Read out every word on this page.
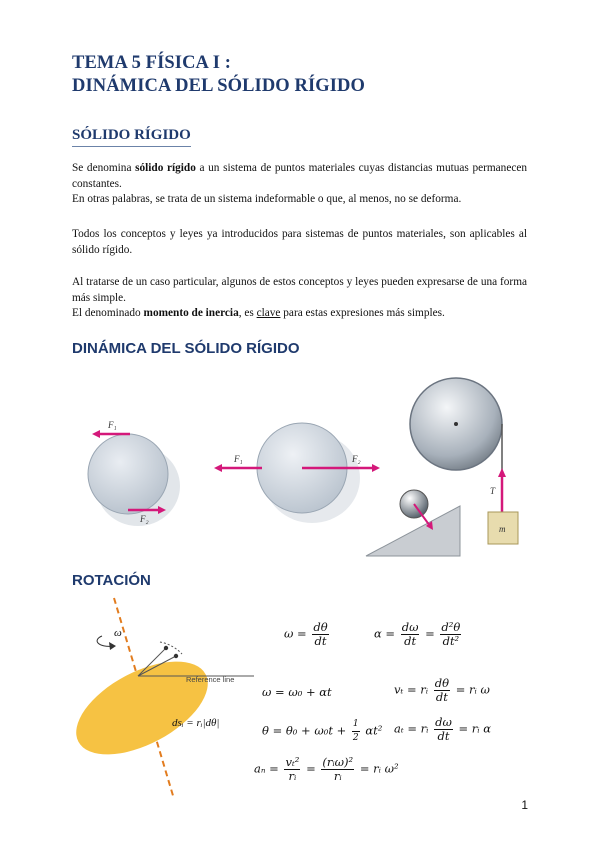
TEMA 5 FÍSICA I :
DINÁMICA DEL SÓLIDO RÍGIDO
SÓLIDO RÍGIDO

Se denomina sólido rígido a un sistema de puntos materiales cuyas distancias mutuas permanecen constantes.
En otras palabras, se trata de un sistema indeformable o que, al menos, no se deforma.

Todos los conceptos y leyes ya introducidos para sistemas de puntos materiales, son aplicables al sólido rígido.

Al tratarse de un caso particular, algunos de estos conceptos y leyes pueden expresarse de una forma más simple.
El denominado momento de inercia, es clave para estas expresiones más simples.

DINÁMICA DEL SÓLIDO RÍGIDO
F₁
F₂
F₁	F₂
T
m
ROTACIÓN
ω
Reference line
dsᵢ = rᵢ|dθ|
$\omega = \frac{d\theta}{dt}$	$\alpha = \frac{d\omega}{dt} = \frac{\text{d²θ}}{\text{dt²}}$
ω = ω₀ + αt	vₜ = rᵢ $\frac{d\theta}{dt}$ = rᵢ ω
$\theta = \theta_0 + \omega_0t + \frac{1}{2} \alpha t^2$ aₜ = rᵢ $\frac{d\omega}{dt}$ = rᵢ α
$a_n = \frac{\text{vₜ²}}{\text{rᵢ}} = \frac{\text{(rᵢω)²}}{\text{rᵢ}}$ = rᵢ ω²
1
